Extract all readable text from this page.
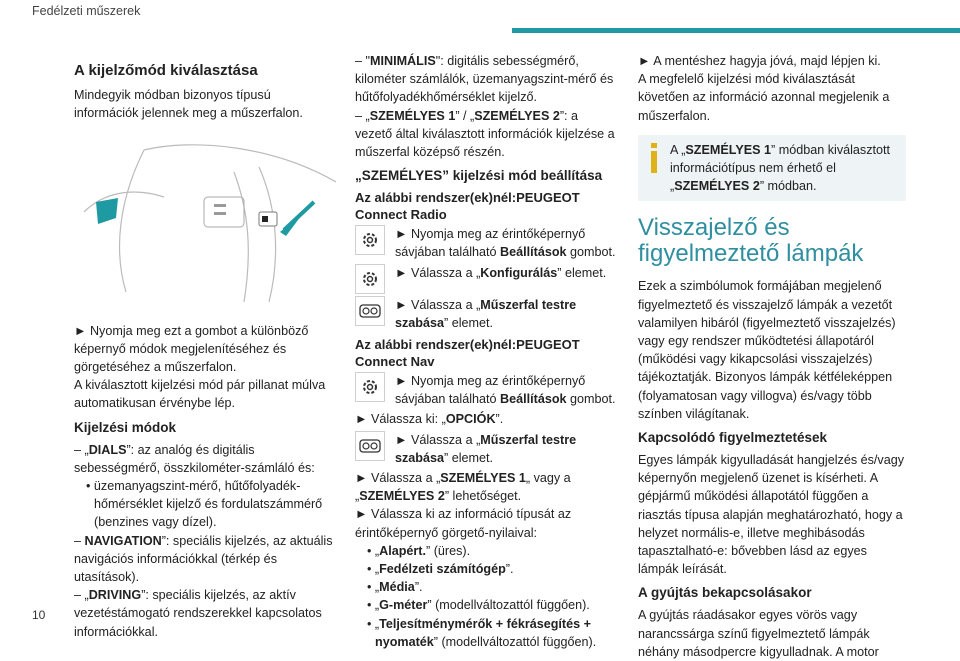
Fedélzeti műszerek
A kijelzőmód kiválasztása

Mindegyik módban bizonyos típusú információk jelennek meg a műszerfalon.

► Nyomja meg ezt a gombot a különböző képernyő módok megjelenítéséhez és görgetéséhez a műszerfalon.

A kiválasztott kijelzési mód pár pillanat múlva automatikusan érvénybe lép.

Kijelzési módok

– „DIALS”: az analóg és digitális sebességmérő, összkilométer-számláló és:

• üzemanyagszint-mérő, hűtőfolyadék-hőmérséklet kijelző és fordulatszámmérő (benzines vagy dízel).

– NAVIGATION”: speciális kijelzés, az aktuális navigációs információkkal (térkép és utasítások).

– „DRIVING”: speciális kijelzés, az aktív vezetéstámogató rendszerekkel kapcsolatos információkkal.

– "MINIMÁLIS": digitális sebességmérő, kilométer számlálók, üzemanyagszint-mérő és hűtőfolyadékhőmérséklet kijelző.

– „SZEMÉLYES 1” / „SZEMÉLYES 2”: a vezető által kiválasztott információk kijelzése a műszerfal középső részén.

„SZEMÉLYES” kijelzési mód beállítása

Az alábbi rendszer(ek)nél:PEUGEOT Connect Radio

► Nyomja meg az érintőképernyő sávjában található Beállítások gombot.

► Válassza a „Konfigurálás” elemet.

► Válassza a „Műszerfal testre szabása” elemet.

Az alábbi rendszer(ek)nél:PEUGEOT Connect Nav

► Nyomja meg az érintőképernyő sávjában található Beállítások gombot.

► Válassza ki: „OPCIÓK”.

► Válassza a „Műszerfal testre szabása” elemet.

► Válassza a „SZEMÉLYES 1„ vagy a „SZEMÉLYES 2” lehetőséget.

► Válassza ki az információ típusát az érintőképernyő görgető-nyilaival:

• „Alapért.” (üres).

• „Fedélzeti számítógép”.

• „Média”.

• „G-méter” (modellváltozattól függően).

• „Teljesítménymérők + fékrásegítés + nyomaték” (modellváltozattól függően).

► A mentéshez hagyja jóvá, majd lépjen ki.

A megfelelő kijelzési mód kiválasztását követően az információ azonnal megjelenik a műszerfalon.

A „SZEMÉLYES 1” módban kiválasztott információtípus nem érhető el „SZEMÉLYES 2” módban.

Visszajelző és figyelmeztető lámpák

Ezek a szimbólumok formájában megjelenő figyelmeztető és visszajelző lámpák a vezetőt valamilyen hibáról (figyelmeztető visszajelzés) vagy egy rendszer működtetési állapotáról (működési vagy kikapcsolási visszajelzés) tájékoztatják. Bizonyos lámpák kétféleképpen (folyamatosan vagy villogva) és/vagy több színben világítanak.

Kapcsolódó figyelmeztetések

Egyes lámpák kigyulladását hangjelzés és/vagy képernyőn megjelenő üzenet is kísérheti. A gépjármű működési állapotától függően a riasztás típusa alapján meghatározható, hogy a helyzet normális-e, illetve meghibásodás tapasztalható-e: bővebben lásd az egyes lámpák leírását.

A gyújtás bekapcsolásakor

A gyújtás ráadásakor egyes vörös vagy narancssárga színű figyelmeztető lámpák néhány másodpercre kigyulladnak. A motor

10
